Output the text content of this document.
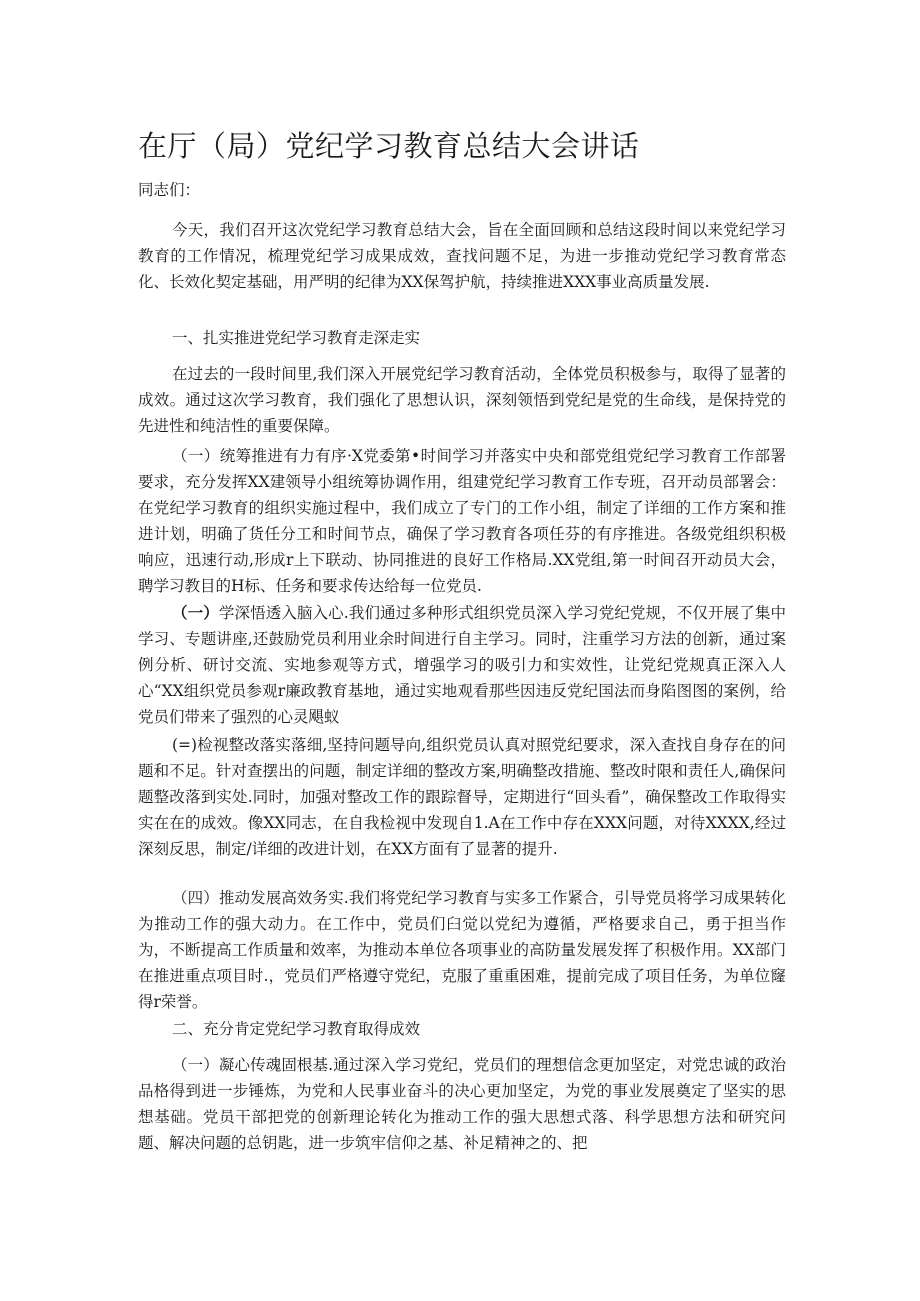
在厅（局）党纪学习教育总结大会讲话

同志们：

今天，我们召开这次党纪学习教育总结大会，旨在全面回顾和总结这段时间以来党纪学习教育的工作情况，梳理党纪学习成果成效，查找问题不足，为进一步推动党纪学习教育常态化、长效化契定基础，用严明的纪律为XX保驾护航，持续推进XXX事业高质量发展.

一、扎实推进党纪学习教育走深走实

在过去的一段时间里,我们深入开展党纪学习教育活动，全体党员积极参与，取得了显著的成效。通过这次学习教育，我们强化了思想认识，深刻领悟到党纪是党的生命线，是保持党的先进性和纯洁性的重要保障。

（一）统筹推进有力有序·X党委第•时间学习并落实中央和部党组党纪学习教育工作部署要求，充分发挥XX建领导小组统筹协调作用，组建党纪学习教育工作专班，召开动员部署会：在党纪学习教育的组织实施过程中，我们成立了专门的工作小组，制定了详细的工作方案和推进计划，明确了货任分工和时间节点，确保了学习教育各项任芬的有序推进。各级党组织积极响应，迅速行动,形成r上下联动、协同推进的良好工作格局.XX党组,第一时间召开动员大会，聘学习教目的H标、任务和要求传达给每一位党员.

（一）学深悟透入脑入心.我们通过多种形式组织党员深入学习党纪党规，不仅开展了集中学习、专题讲座,还鼓励党员利用业余时间进行自主学习。同时，注重学习方法的创新，通过案例分析、研讨交流、实地参观等方式，增强学习的吸引力和实效性，让党纪党规真正深入人心“XX组织党员参观r廉政教育基地，通过实地观看那些因违反党纪国法而身陷图图的案例，给党员们带来了强烈的心灵飓蚁

(=)检视整改落实落细,坚持问题导向,组织党员认真对照党纪要求，深入查找自身存在的问题和不足。针对查摆出的问题，制定详细的整改方案,明确整改措施、整改时限和责任人,确保问题整改落到实处.同时，加强对整改工作的跟踪督导，定期进行“回头看”，确保整改工作取得实实在在的成效。像XX同志，在自我检视中发现自1.A在工作中存在XXX问题，对待XXXX,经过深刻反思，制定/详细的改进计划，在XX方面有了显著的提升.

（四）推动发展高效务实.我们将党纪学习教育与实多工作紧合，引导党员将学习成果转化为推动工作的强大动力。在工作中，党员们臼觉以党纪为遵循，严格要求自己，勇于担当作为，不断提高工作质量和效率，为推动本单位各项事业的高防量发展发挥了积极作用。XX部门在推进重点项目时.，党员们严格遵守党纪，克服了重重困难，提前完成了项目任务，为单位窿得r荣誉。

二、充分肯定党纪学习教育取得成效

（一）凝心传魂固根基.通过深入学习党纪，党员们的理想信念更加坚定，对党忠诚的政治品格得到进一步锤炼，为党和人民事业奋斗的决心更加坚定，为党的事业发展奠定了坚实的思想基础。党员干部把党的创新理论转化为推动工作的强大思想式落、科学思想方法和研究问题、解决问题的总钥匙，进一步筑牢信仰之基、补足精神之的、把
